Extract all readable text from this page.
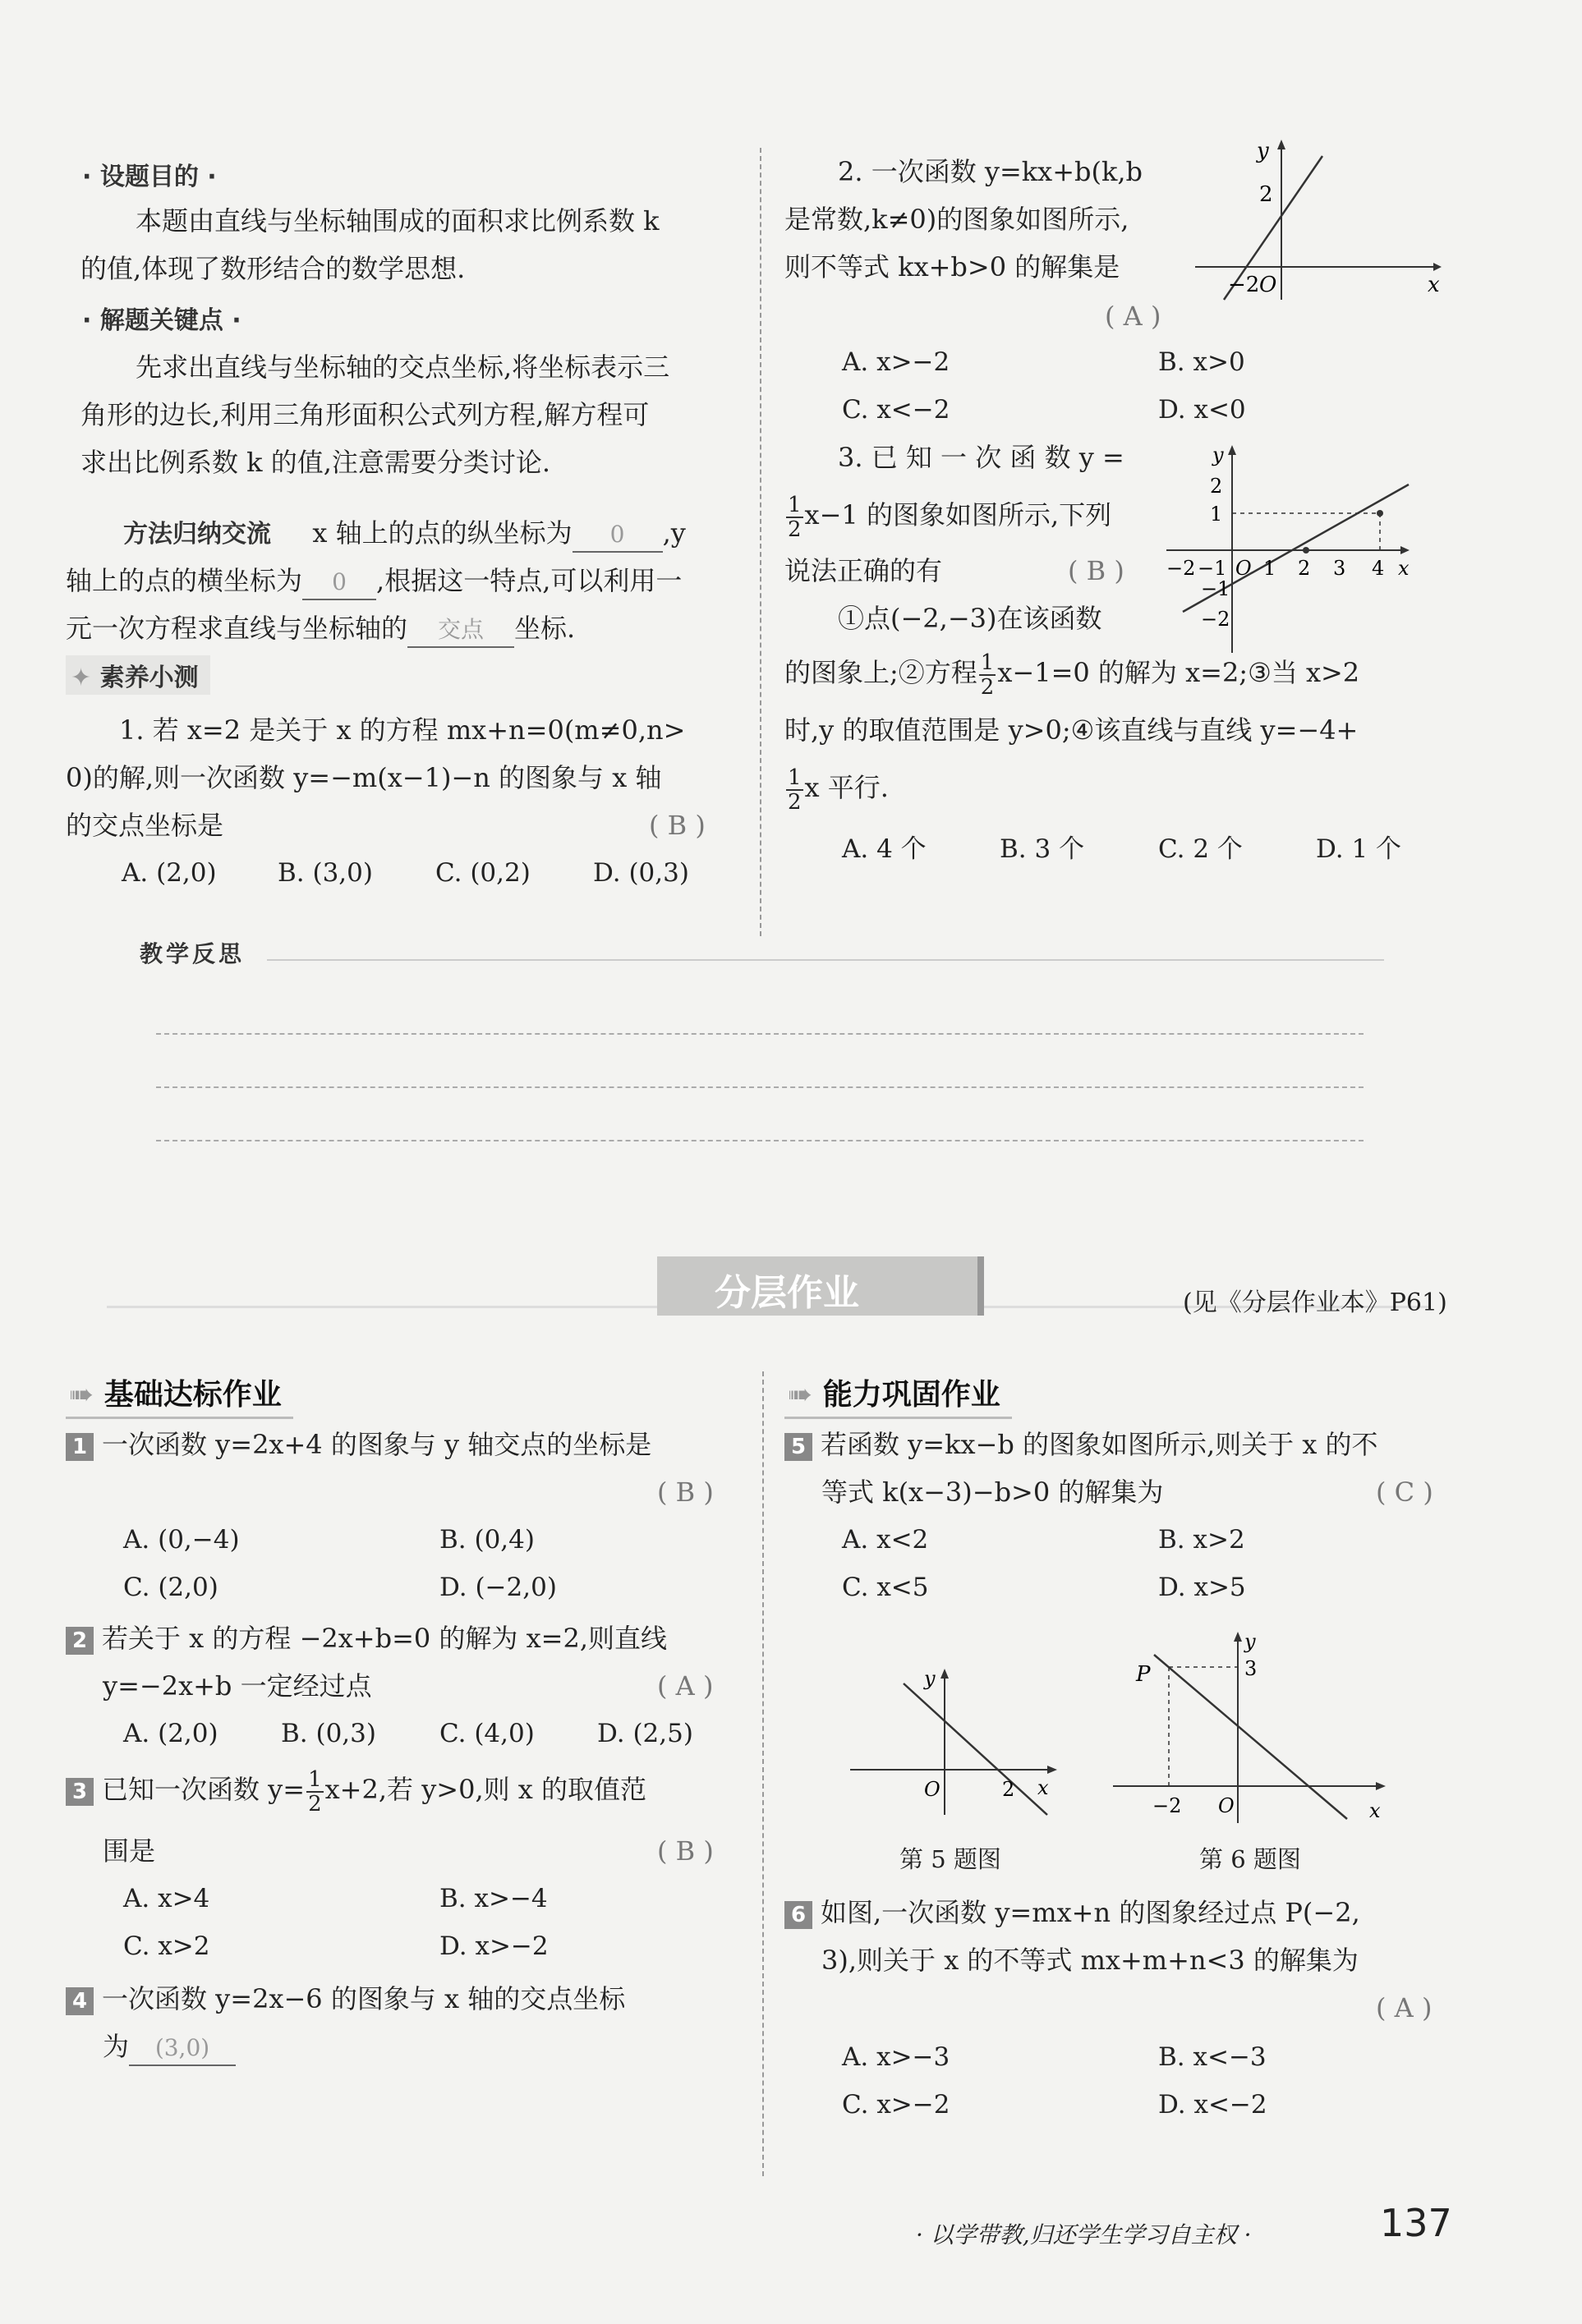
· 设题目的 ·
本题由直线与坐标轴围成的面积求比例系数 k
的值,体现了数形结合的数学思想.
· 解题关键点 ·
先求出直线与坐标轴的交点坐标,将坐标表示三
角形的边长,利用三角形面积公式列方程,解方程可
求出比例系数 k 的值,注意需要分类讨论.
方法归纳交流 x 轴上的点的纵坐标为 0 ,y
轴上的点的横坐标为 0 ,根据这一特点,可以利用一
元一次方程求直线与坐标轴的 交点 坐标.
✦ 素养小测
1. 若 x=2 是关于 x 的方程 mx+n=0(m≠0,n>
0)的解,则一次函数 y=−m(x−1)−n 的图象与 x 轴
的交点坐标是	( B )
A. (2,0) B. (3,0) C. (0,2) D. (0,3)
2. 一次函数 y=kx+b(k,b
是常数,k≠0)的图象如图所示,
则不等式 kx+b>0 的解集是
( A )
y
x
2
−2 O
A. x>−2	B. x>0
C. x<−2	D. x<0
3. 已 知 一 次 函 数 y =
$\frac{1}{2} x-1$ 的图象如图所示,下列
说法正确的有	( B )
①点(−2,−3)在该函数
y
x
2
1
−1
−2
−2 −1 O 1 2 3 4
的图象上;②方程 $\frac{1}{2} x-1=0$ 的解为 x=2;③当 x>2
时,y 的取值范围是 y>0;④该直线与直线 y=−4+
$\frac{1}{2}$ x 平行.
A. 4 个	B. 3 个	C. 2 个	D. 1 个
教学反思
分层作业	(见《分层作业本》P61)
➠ 基础达标作业
1 一次函数 y=2x+4 的图象与 y 轴交点的坐标是
( B )
A. (0,−4)	B. (0,4)
C. (2,0)	D. (−2,0)
2 若关于 x 的方程 −2x+b=0 的解为 x=2,则直线
y=−2x+b 一定经过点	( A )
A. (2,0) B. (0,3) C. (4,0) D. (2,5)
3 已知一次函数 $y= \frac{1}{2} x+2$,若 y>0,则 x 的取值范
围是	( B )
A. x>4	B. x>−4
C. x>2	D. x>−2
4 一次函数 y=2x−6 的图象与 x 轴的交点坐标
为 (3,0)
➠ 能力巩固作业
5 若函数 y=kx−b 的图象如图所示,则关于 x 的不
等式 k(x−3)−b>0 的解集为	( C )
A. x<2	B. x>2
C. x<5	D. x>5
y
x
O	2
第 5 题图
y
x
O
P	3
−2
第 6 题图
6 如图,一次函数 y=mx+n 的图象经过点 P(−2,
3),则关于 x 的不等式 mx+m+n<3 的解集为
( A )
A. x>−3	B. x<−3
C. x>−2	D. x<−2
· 以学带教,归还学生学习自主权 ·	137
